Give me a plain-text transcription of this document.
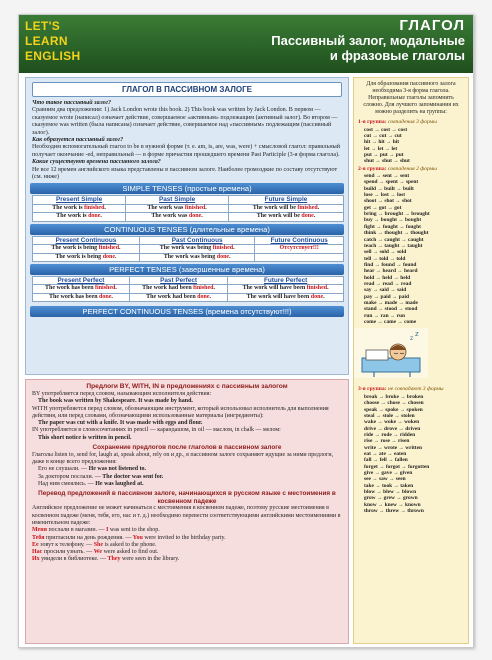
LET'S
LEARN
ENGLISH
ГЛАГОЛ
Пассивный залог, модальные
и фразовые глаголы
ГЛАГОЛ В ПАССИВНОМ ЗАЛОГЕ
Что такое пассивный залог?
Сравним два предложения: 1) Jack London wrote this book. 2) This book was written by Jack London. В первом — сказуемое wrote (написал) означает действие, совершаемое «активным» подлежащим (активный залог). Во втором — сказуемое was written (была написана) означает действие, совершаемое над «пассивным» подлежащим (пассивный залог).
Как образуется пассивный залог?
Необходим вспомогательный глагол to be в нужной форме (т. е. am, is, are, was, were) + смысловой глагол: правильный получает окончание -ed, неправильный — в форме причастия прошедшего времени Past Participle (3-я форма глагола).
Какие существуют времена пассивного залога?
Не все 12 времен английского языка представлены в пассивном залоге. Наиболее громоздкие по составу отсутствуют (см. ниже)
SIMPLE TENSES (простые времена)
Present Simple	Past Simple	Future Simple
The work is finished.	The work was finished.	The work will be finished.
The work is done.	The work was done.	The work will be done.
CONTINUOUS TENSES (длительные времена)
Present Continuous	Past Continuous	Future Continuous
The work is being finished.	The work was being finished.	Отсутствует!!!
The work is being done.	The work was being done.	
PERFECT TENSES (завершенные времена)
Present Perfect	Past Perfect	Future Perfect
The work has been finished.	The work had been finished.	The work will have been finished.
The work has been done.	The work had been done.	The work will have been done.
PERFECT CONTINUOUS TENSES (времена отсутствуют!!!)
Предлоги BY, WITH, IN в предложениях с пассивным залогом
BY употребляется перед словом, называющим исполнителя действия:
The book was written by Shakespeare. It was made by hand.
WITH употребляется перед словом, обозначающим инструмент, который использовал исполнитель для выполнения действия, или перед словами, обозначающими использованные материалы (ингредиенты):
The paper was cut with a knife. It was made with eggs and flour.
IN употребляется в словосочетаниях in pencil — карандашом, in oil — маслом, in chalk — мелом:
This short notice is written in pencil.
Сохранение предлогов после глаголов в пассивном залоге
Глаголы listen to, send for, laugh at, speak about, rely on и др., в пассивном залоге сохраняют идущие за ними предлоги, даже в конце всего предложения:
Его не слушали. — He was not listened to.
За доктором послали. — The doctor was sent for.
Над ним смеялись. — He was laughed at.
Перевод предложений в пассивном залоге, начинающихся в русском языке с местоимения в косвенном падеже
Английское предложение не может начинаться с местоимения в косвенном падеже, поэтому русские местоимения в косвенном падеже (меня, тебя, его, нас и т. д.) необходимо перевести соответствующими английскими местоимениями в именительном падеже:
Меня послали в магазин. — I was sent to the shop.
Тебя пригласили на день рождения. — You were invited to the birthday party.
Ее зовут к телефону. — She is asked to the phone.
Нас просили узнать. — We were asked to find out.
Их увидели в библиотеке. — They were seen in the library.
Для образования пассивного залога необходима 3-я форма глагола. Неправильные глаголы запомнить сложно. Для лучшего запоминания их можно разделить на группы:
1-я группа: совпадения 3 формы
cost → cost → cost
cut → cut → cut
hit → hit → hit
let → let → let
put → put → put
shut → shut → shut
2-я группа: совпадения 2 формы
send → sent → sent
spend → spent → spent
build → built → built
lose → lost → lost
shoot → shot → shot
get → got → got
bring → brought → brought
buy → bought → bought
fight → fought → fought
think → thought → thought
catch → caught → caught
teach → taught → taught
sell → sold → sold
tell → told → told
find → found → found
hear → heard → heard
hold → held → held
read → read → read
say → said → said
pay → paid → paid
make → made → made
stand → stood → stood
run → ran → run
come → came → come
z
z
3-я группа: не совпадают 3 формы
break → broke → broken
choose → chose → chosen
speak → spoke → spoken
steal → stole → stolen
wake → woke → woken
drive → drove → driven
ride → rode → ridden
rise → rose → risen
write → wrote → written
eat → ate → eaten
fall → fell → fallen
forget → forgot → forgotten
give → gave → given
see → saw → seen
take → took → taken
blow → blew → blown
grow → grew → grown
know → knew → known
throw → threw → thrown
